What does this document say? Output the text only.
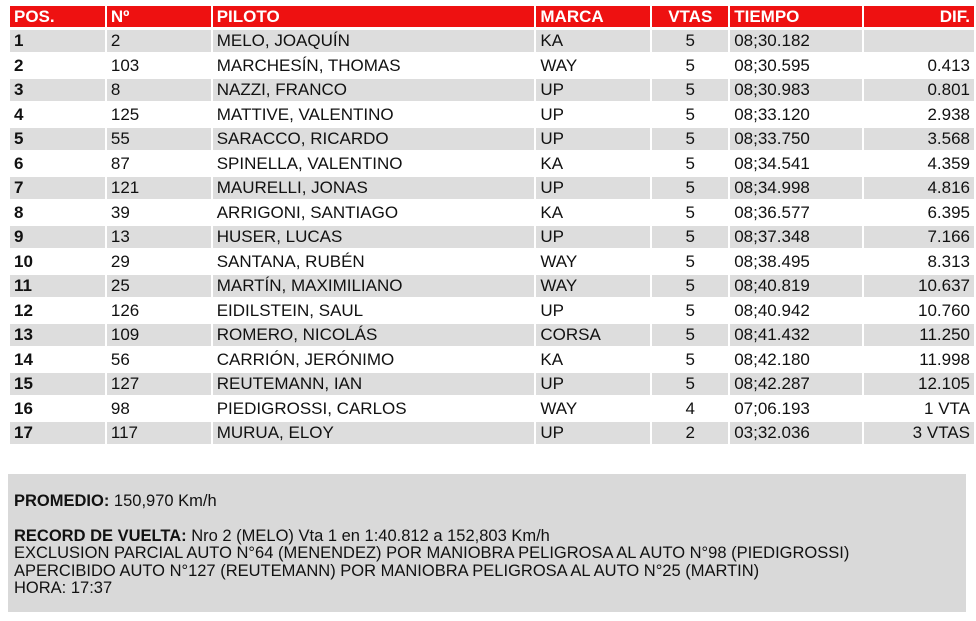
POS.	Nº	PILOTO	MARCA	VTAS	TIEMPO	DIF.
1	2	MELO, JOAQUÍN	KA	5	08;30.182	
2	103	MARCHESÍN, THOMAS	WAY	5	08;30.595	0.413
3	8	NAZZI, FRANCO	UP	5	08;30.983	0.801
4	125	MATTIVE, VALENTINO	UP	5	08;33.120	2.938
5	55	SARACCO, RICARDO	UP	5	08;33.750	3.568
6	87	SPINELLA, VALENTINO	KA	5	08;34.541	4.359
7	121	MAURELLI, JONAS	UP	5	08;34.998	4.816
8	39	ARRIGONI, SANTIAGO	KA	5	08;36.577	6.395
9	13	HUSER, LUCAS	UP	5	08;37.348	7.166
10	29	SANTANA, RUBÉN	WAY	5	08;38.495	8.313
11	25	MARTÍN, MAXIMILIANO	WAY	5	08;40.819	10.637
12	126	EIDILSTEIN, SAUL	UP	5	08;40.942	10.760
13	109	ROMERO, NICOLÁS	CORSA	5	08;41.432	11.250
14	56	CARRIÓN, JERÓNIMO	KA	5	08;42.180	11.998
15	127	REUTEMANN, IAN	UP	5	08;42.287	12.105
16	98	PIEDIGROSSI, CARLOS	WAY	4	07;06.193	1 VTA
17	117	MURUA, ELOY	UP	2	03;32.036	3 VTAS
PROMEDIO: 150,970 Km/h
RECORD DE VUELTA: Nro 2 (MELO) Vta 1 en 1:40.812 a 152,803 Km/h
EXCLUSION PARCIAL AUTO N°64 (MENENDEZ) POR MANIOBRA PELIGROSA AL AUTO N°98 (PIEDIGROSSI)
APERCIBIDO AUTO N°127 (REUTEMANN) POR MANIOBRA PELIGROSA AL AUTO N°25 (MARTIN)
HORA: 17:37
